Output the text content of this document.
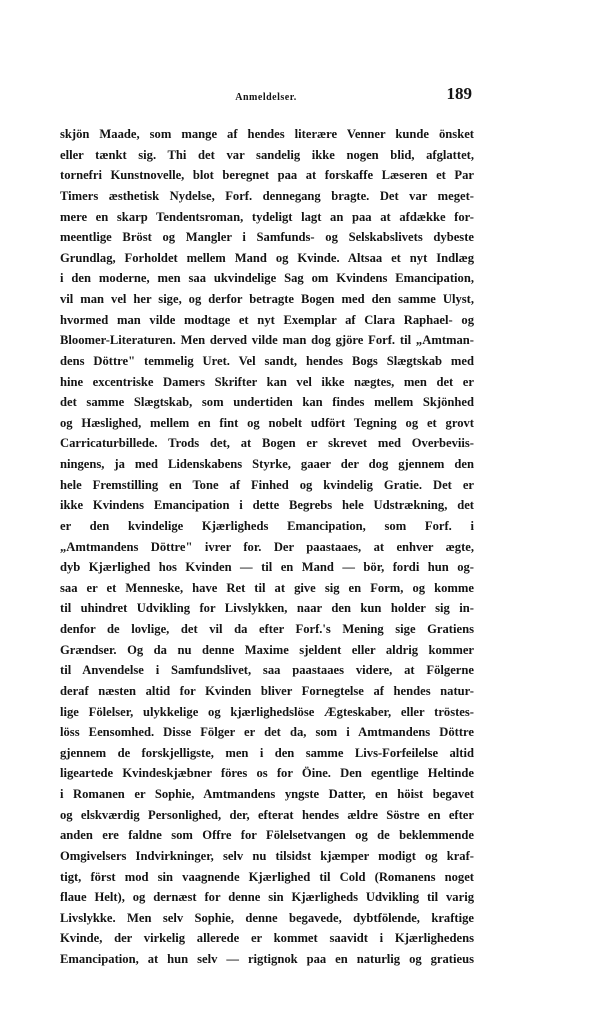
Anmeldelser.	189
skjön Maade, som mange af hendes literære Venner kunde önsket
eller tænkt sig. Thi det var sandelig ikke nogen blid, afglattet,
tornefri Kunstnovelle, blot beregnet paa at forskaffe Læseren et Par
Timers æsthetisk Nydelse, Forf. dennegang bragte. Det var meget-
mere en skarp Tendentsroman, tydeligt lagt an paa at afdække for-
meentlige Bröst og Mangler i Samfunds- og Selskabslivets dybeste
Grundlag, Forholdet mellem Mand og Kvinde. Altsaa et nyt Indlæg
i den moderne, men saa ukvindelige Sag om Kvindens Emancipation,
vil man vel her sige, og derfor betragte Bogen med den samme Ulyst,
hvormed man vilde modtage et nyt Exemplar af Clara Raphael- og
Bloomer-Literaturen. Men derved vilde man dog gjöre Forf. til „Amtman-
dens Döttre" temmelig Uret. Vel sandt, hendes Bogs Slægtskab med
hine excentriske Damers Skrifter kan vel ikke nægtes, men det er
det samme Slægtskab, som undertiden kan findes mellem Skjönhed
og Hæslighed, mellem en fint og nobelt udfört Tegning og et grovt
Carricaturbillede. Trods det, at Bogen er skrevet med Overbeviis-
ningens, ja med Lidenskabens Styrke, gaaer der dog gjennem den
hele Fremstilling en Tone af Finhed og kvindelig Gratie. Det er
ikke Kvindens Emancipation i dette Begrebs hele Udstrækning, det
er den kvindelige Kjærligheds Emancipation, som Forf. i
„Amtmandens Döttre" ivrer for. Der paastaaes, at enhver ægte,
dyb Kjærlighed hos Kvinden — til en Mand — bör, fordi hun og-
saa er et Menneske, have Ret til at give sig en Form, og komme
til uhindret Udvikling for Livslykken, naar den kun holder sig in-
denfor de lovlige, det vil da efter Forf.'s Mening sige Gratiens
Grændser. Og da nu denne Maxime sjeldent eller aldrig kommer
til Anvendelse i Samfundslivet, saa paastaaes videre, at Fölgerne
deraf næsten altid for Kvinden bliver Fornegtelse af hendes natur-
lige Fölelser, ulykkelige og kjærlighedslöse Ægteskaber, eller tröstes-
löss Eensomhed. Disse Fölger er det da, som i Amtmandens Döttre
gjennem de forskjelligste, men i den samme Livs-Forfeilelse altid
ligeartede Kvindeskjæbner föres os for Öine. Den egentlige Heltinde
i Romanen er Sophie, Amtmandens yngste Datter, en höist begavet
og elskværdig Personlighed, der, efterat hendes ældre Söstre en efter
anden ere faldne som Offre for Fölelsetvangen og de beklemmende
Omgivelsers Indvirkninger, selv nu tilsidst kjæmper modigt og kraf-
tigt, först mod sin vaagnende Kjærlighed til Cold (Romanens noget
flaue Helt), og dernæst for denne sin Kjærligheds Udvikling til varig
Livslykke. Men selv Sophie, denne begavede, dybtfölende, kraftige
Kvinde, der virkelig allerede er kommet saavidt i Kjærlighedens
Emancipation, at hun selv — rigtignok paa en naturlig og gratieus
